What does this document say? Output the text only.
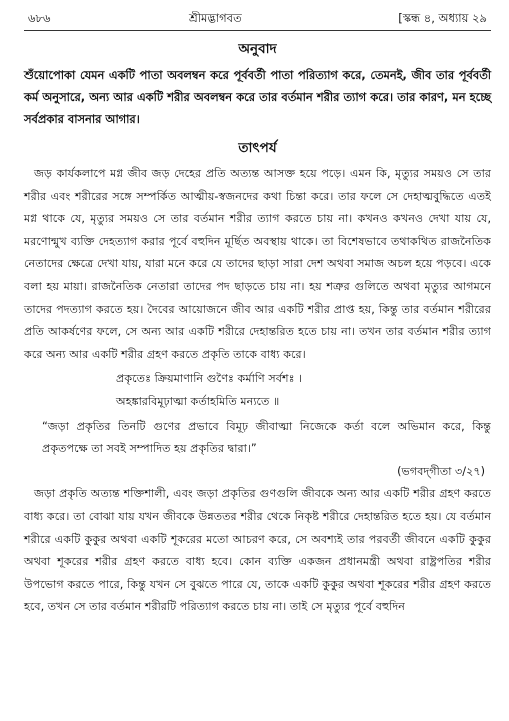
৬৮৬	শ্রীমদ্ভাগবত	[স্কন্ধ ৪, অধ্যায় ২৯
অনুবাদ

শুঁয়োপোকা যেমন একটি পাতা অবলম্বন করে পূর্ববর্তী পাতা পরিত্যাগ করে, তেমনই, জীব তার পূর্ববর্তী কর্ম অনুসারে, অন্য আর একটি শরীর অবলম্বন করে তার বর্তমান শরীর ত্যাগ করে। তার কারণ, মন হচ্ছে সর্বপ্রকার বাসনার আগার।

তাৎপর্য

জড় কার্যকলাপে মগ্ন জীব জড় দেহের প্রতি অত্যন্ত আসক্ত হয়ে পড়ে। এমন কি, মৃত্যুর সময়ও সে তার শরীর এবং শরীরের সঙ্গে সম্পর্কিত আত্মীয়-স্বজনদের কথা চিন্তা করে। তার ফলে সে দেহাত্মবুদ্ধিতে এতই মগ্ন থাকে যে, মৃত্যুর সময়ও সে তার বর্তমান শরীর ত্যাগ করতে চায় না। কখনও কখনও দেখা যায় যে, মরণোন্মুখ ব্যক্তি দেহত্যাগ করার পূর্বে বহুদিন মূর্ছিত অবস্থায় থাকে। তা বিশেষভাবে তথাকথিত রাজনৈতিক নেতাদের ক্ষেত্রে দেখা যায়, যারা মনে করে যে তাদের ছাড়া সারা দেশ অথবা সমাজ অচল হয়ে পড়বে। একে বলা হয় মায়া। রাজনৈতিক নেতারা তাদের পদ ছাড়তে চায় না। হয় শত্রুর গুলিতে অথবা মৃত্যুর আগমনে তাদের পদত্যাগ করতে হয়। দৈবের আয়োজনে জীব আর একটি শরীর প্রাপ্ত হয়, কিন্তু তার বর্তমান শরীরের প্রতি আকর্ষণের ফলে, সে অন্য আর একটি শরীরে দেহান্তরিত হতে চায় না। তখন তার বর্তমান শরীর ত্যাগ করে অন্য আর একটি শরীর গ্রহণ করতে প্রকৃতি তাকে বাধ্য করে।

প্রকৃতেঃ ক্রিয়মাণানি গুণৈঃ কর্মাণি সর্বশঃ ।
অহঙ্কারবিমূঢ়াত্মা কর্তাহমিতি মন্যতে ॥

“জড়া প্রকৃতির তিনটি গুণের প্রভাবে বিমূঢ় জীবাত্মা নিজেকে কর্তা বলে অভিমান করে, কিন্তু প্রকৃতপক্ষে তা সবই সম্পাদিত হয় প্রকৃতির দ্বারা।”

(ভগবদ্‌গীতা ৩/২৭)

জড়া প্রকৃতি অত্যন্ত শক্তিশালী, এবং জড়া প্রকৃতির গুণগুলি জীবকে অন্য আর একটি শরীর গ্রহণ করতে বাধ্য করে। তা বোঝা যায় যখন জীবকে উন্নততর শরীর থেকে নিকৃষ্ট শরীরে দেহান্তরিত হতে হয়। যে বর্তমান শরীরে একটি কুকুর অথবা একটি শূকরের মতো আচরণ করে, সে অবশ্যই তার পরবর্তী জীবনে একটি কুকুর অথবা শূকরের শরীর গ্রহণ করতে বাধ্য হবে। কোন ব্যক্তি একজন প্রধানমন্ত্রী অথবা রাষ্ট্রপতির শরীর উপভোগ করতে পারে, কিন্তু যখন সে বুঝতে পারে যে, তাকে একটি কুকুর অথবা শূকরের শরীর গ্রহণ করতে হবে, তখন সে তার বর্তমান শরীরটি পরিত্যাগ করতে চায় না। তাই সে মৃত্যুর পূর্বে বহুদিন
